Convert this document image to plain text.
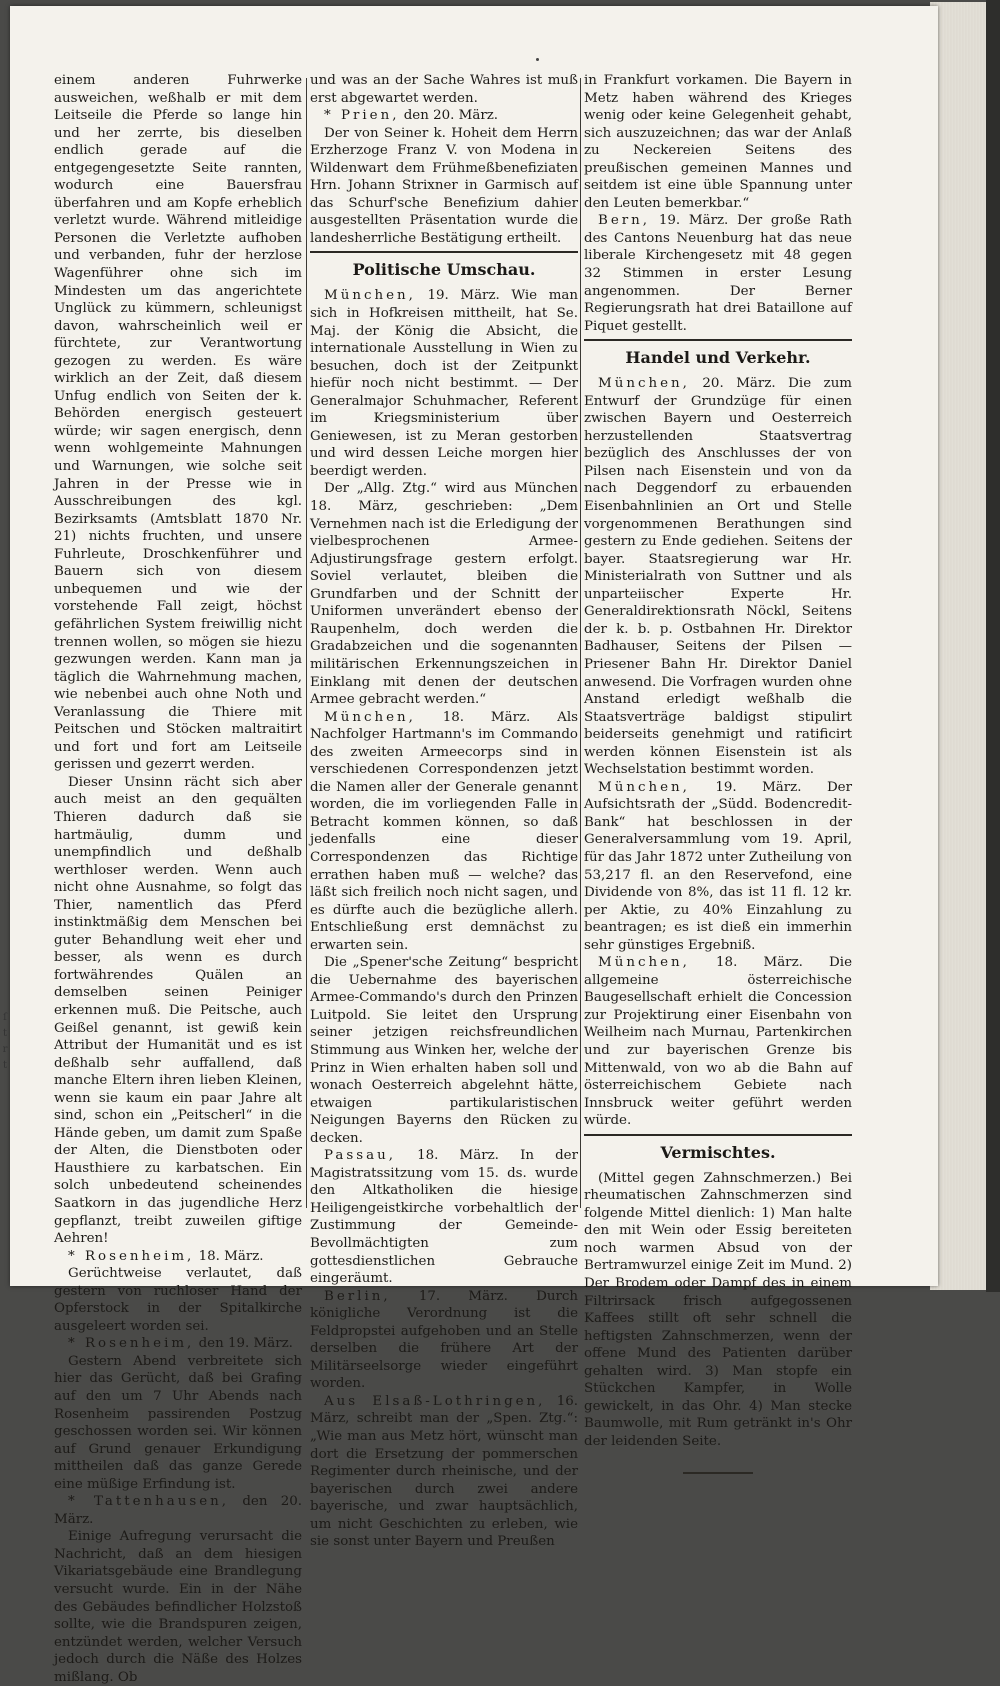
ſ
t
r
t

einem anderen Fuhrwerke ausweichen, weßhalb er mit dem Leitseile die Pferde so lange hin und her zerrte, bis dieselben endlich gerade auf die entgegengesetzte Seite rannten, wodurch eine Bauersfrau überfahren und am Kopfe erheblich verletzt wurde. Während mitleidige Personen die Verletzte aufhoben und verbanden, fuhr der herzlose Wagenführer ohne sich im Mindesten um das angerichtete Unglück zu kümmern, schleunigst davon, wahrscheinlich weil er fürchtete, zur Verantwortung gezogen zu werden. Es wäre wirklich an der Zeit, daß diesem Unfug endlich von Seiten der k. Behörden energisch gesteuert würde; wir sagen energisch, denn wenn wohlgemeinte Mahnungen und Warnungen, wie solche seit Jahren in der Presse wie in Ausschreibungen des kgl. Bezirksamts (Amtsblatt 1870 Nr. 21) nichts fruchten, und unsere Fuhrleute, Droschkenführer und Bauern sich von diesem unbequemen und wie der vorstehende Fall zeigt, höchst gefährlichen System freiwillig nicht trennen wollen, so mögen sie hiezu gezwungen werden. Kann man ja täglich die Wahrnehmung machen, wie nebenbei auch ohne Noth und Veranlassung die Thiere mit Peitschen und Stöcken maltraitirt und fort und fort am Leitseile gerissen und gezerrt werden.

Dieser Unsinn rächt sich aber auch meist an den gequälten Thieren dadurch daß sie hartmäulig, dumm und unempfindlich und deßhalb werthloser werden. Wenn auch nicht ohne Ausnahme, so folgt das Thier, namentlich das Pferd instinktmäßig dem Menschen bei guter Behandlung weit eher und besser, als wenn es durch fortwährendes Quälen an demselben seinen Peiniger erkennen muß. Die Peitsche, auch Geißel genannt, ist gewiß kein Attribut der Humanität und es ist deßhalb sehr auffallend, daß manche Eltern ihren lieben Kleinen, wenn sie kaum ein paar Jahre alt sind, schon ein „Peitscherl“ in die Hände geben, um damit zum Spaße der Alten, die Dienstboten oder Hausthiere zu karbatschen. Ein solch unbedeutend scheinendes Saatkorn in das jugendliche Herz gepflanzt, treibt zuweilen giftige Aehren!

* Rosenheim, 18. März.

Gerüchtweise verlautet, daß gestern von ruchloser Hand der Opferstock in der Spitalkirche ausgeleert worden sei.

* Rosenheim, den 19. März.

Gestern Abend verbreitete sich hier das Gerücht, daß bei Grafing auf den um 7 Uhr Abends nach Rosenheim passirenden Postzug geschossen worden sei. Wir können auf Grund genauer Erkundigung mittheilen daß das ganze Gerede eine müßige Erfindung ist.

* Tattenhausen, den 20. März.

Einige Aufregung verursacht die Nachricht, daß an dem hiesigen Vikariatsgebäude eine Brandlegung versucht wurde. Ein in der Nähe des Gebäudes befindlicher Holzstoß sollte, wie die Brandspuren zeigen, entzündet werden, welcher Versuch jedoch durch die Näße des Holzes mißlang. Ob

und was an der Sache Wahres ist muß erst abgewartet werden.

* Prien, den 20. März.

Der von Seiner k. Hoheit dem Herrn Erzherzoge Franz V. von Modena in Wildenwart dem Frühmeßbenefiziaten Hrn. Johann Strixner in Garmisch auf das Schurf'sche Benefizium dahier ausgestellten Präsentation wurde die landesherrliche Bestätigung ertheilt.

Politische Umschau.

München, 19. März. Wie man sich in Hofkreisen mittheilt, hat Se. Maj. der König die Absicht, die internationale Ausstellung in Wien zu besuchen, doch ist der Zeitpunkt hiefür noch nicht bestimmt. — Der Generalmajor Schuhmacher, Referent im Kriegsministerium über Geniewesen, ist zu Meran gestorben und wird dessen Leiche morgen hier beerdigt werden.

Der „Allg. Ztg.“ wird aus München 18. März, geschrieben: „Dem Vernehmen nach ist die Erledigung der vielbesprochenen Armee-Adjustirungsfrage gestern erfolgt. Soviel verlautet, bleiben die Grundfarben und der Schnitt der Uniformen unverändert ebenso der Raupenhelm, doch werden die Gradabzeichen und die sogenannten militärischen Erkennungszeichen in Einklang mit denen der deutschen Armee gebracht werden.“

München, 18. März. Als Nachfolger Hartmann's im Commando des zweiten Armeecorps sind in verschiedenen Correspondenzen jetzt die Namen aller der Generale genannt worden, die im vorliegenden Falle in Betracht kommen können, so daß jedenfalls eine dieser Correspondenzen das Richtige errathen haben muß — welche? das läßt sich freilich noch nicht sagen, und es dürfte auch die bezügliche allerh. Entschließung erst demnächst zu erwarten sein.

Die „Spener'sche Zeitung“ bespricht die Uebernahme des bayerischen Armee-Commando's durch den Prinzen Luitpold. Sie leitet den Ursprung seiner jetzigen reichsfreundlichen Stimmung aus Winken her, welche der Prinz in Wien erhalten haben soll und wonach Oesterreich abgelehnt hätte, etwaigen partikularistischen Neigungen Bayerns den Rücken zu decken.

Passau, 18. März. In der Magistratssitzung vom 15. ds. wurde den Altkatholiken die hiesige Heiligengeistkirche vorbehaltlich der Zustimmung der Gemeinde-Bevollmächtigten zum gottesdienstlichen Gebrauche eingeräumt.

Berlin, 17. März. Durch königliche Verordnung ist die Feldpropstei aufgehoben und an Stelle derselben die frühere Art der Militärseelsorge wieder eingeführt worden.

Aus Elsaß-Lothringen, 16. März, schreibt man der „Spen. Ztg.“: „Wie man aus Metz hört, wünscht man dort die Ersetzung der pommerschen Regimenter durch rheinische, und der bayerischen durch zwei andere bayerische, und zwar hauptsächlich, um nicht Geschichten zu erleben, wie sie sonst unter Bayern und Preußen

in Frankfurt vorkamen. Die Bayern in Metz haben während des Krieges wenig oder keine Gelegenheit gehabt, sich auszuzeichnen; das war der Anlaß zu Neckereien Seitens des preußischen gemeinen Mannes und seitdem ist eine üble Spannung unter den Leuten bemerkbar.“

Bern, 19. März. Der große Rath des Cantons Neuenburg hat das neue liberale Kirchengesetz mit 48 gegen 32 Stimmen in erster Lesung angenommen. Der Berner Regierungsrath hat drei Bataillone auf Piquet gestellt.

Handel und Verkehr.

München, 20. März. Die zum Entwurf der Grundzüge für einen zwischen Bayern und Oesterreich herzustellenden Staatsvertrag bezüglich des Anschlusses der von Pilsen nach Eisenstein und von da nach Deggendorf zu erbauenden Eisenbahnlinien an Ort und Stelle vorgenommenen Berathungen sind gestern zu Ende gediehen. Seitens der bayer. Staatsregierung war Hr. Ministerialrath von Suttner und als unparteiischer Experte Hr. Generaldirektionsrath Nöckl, Seitens der k. b. p. Ostbahnen Hr. Direktor Badhauser, Seitens der Pilsen — Priesener Bahn Hr. Direktor Daniel anwesend. Die Vorfragen wurden ohne Anstand erledigt weßhalb die Staatsverträge baldigst stipulirt beiderseits genehmigt und ratificirt werden können Eisenstein ist als Wechselstation bestimmt worden.

München, 19. März. Der Aufsichtsrath der „Südd. Bodencredit-Bank“ hat beschlossen in der Generalversammlung vom 19. April, für das Jahr 1872 unter Zutheilung von 53,217 fl. an den Reservefond, eine Dividende von 8%, das ist 11 fl. 12 kr. per Aktie, zu 40% Einzahlung zu beantragen; es ist dieß ein immerhin sehr günstiges Ergebniß.

München, 18. März. Die allgemeine österreichische Baugesellschaft erhielt die Concession zur Projektirung einer Eisenbahn von Weilheim nach Murnau, Partenkirchen und zur bayerischen Grenze bis Mittenwald, von wo ab die Bahn auf österreichischem Gebiete nach Innsbruck weiter geführt werden würde.

Vermischtes.

(Mittel gegen Zahnschmerzen.) Bei rheumatischen Zahnschmerzen sind folgende Mittel dienlich: 1) Man halte den mit Wein oder Essig bereiteten noch warmen Absud von der Bertramwurzel einige Zeit im Mund. 2) Der Brodem oder Dampf des in einem Filtrirsack frisch aufgegossenen Kaffees stillt oft sehr schnell die heftigsten Zahnschmerzen, wenn der offene Mund des Patienten darüber gehalten wird. 3) Man stopfe ein Stückchen Kampfer, in Wolle gewickelt, in das Ohr. 4) Man stecke Baumwolle, mit Rum getränkt in's Ohr der leidenden Seite.
